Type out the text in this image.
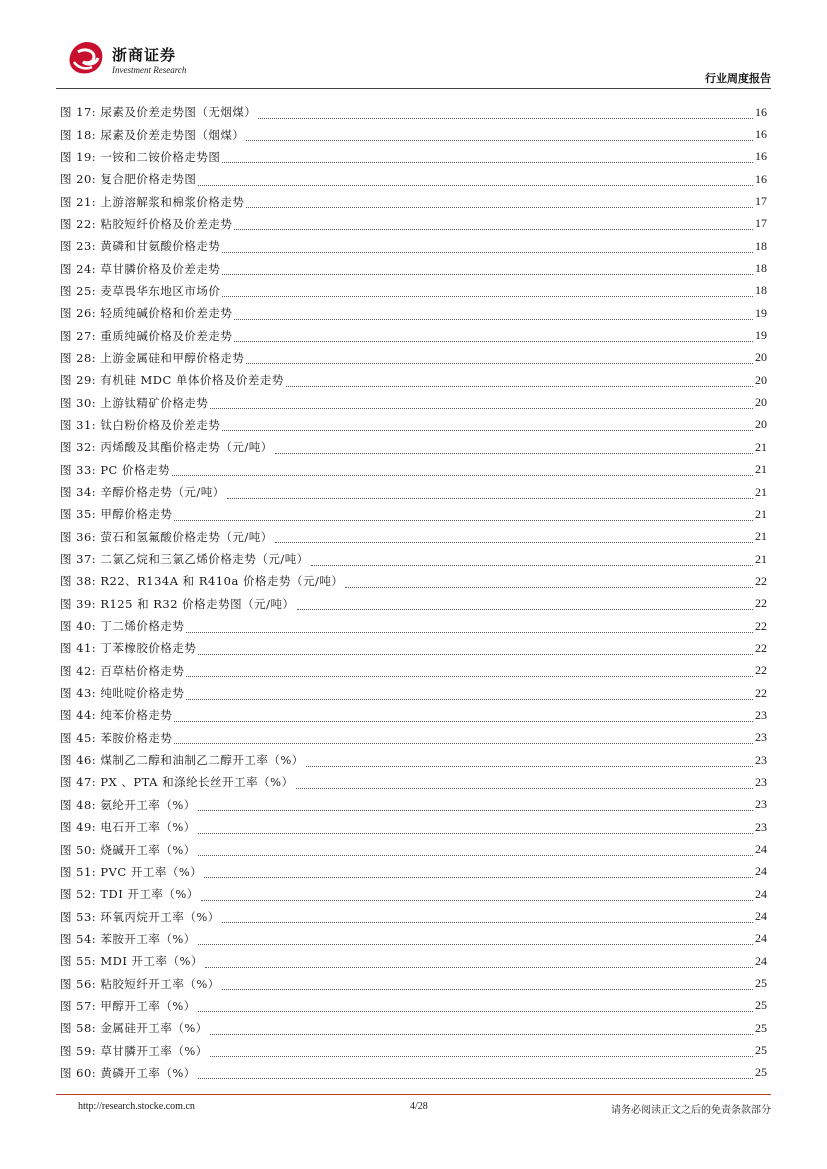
浙商证券
Investment Research
行业周度报告
图 17: 尿素及价差走势图（无烟煤）	16
图 18: 尿素及价差走势图（烟煤）	16
图 19: 一铵和二铵价格走势图	16
图 20: 复合肥价格走势图	16
图 21: 上游溶解浆和棉浆价格走势	17
图 22: 粘胶短纤价格及价差走势	17
图 23: 黄磷和甘氨酸价格走势	18
图 24: 草甘膦价格及价差走势	18
图 25: 麦草畏华东地区市场价	18
图 26: 轻质纯碱价格和价差走势	19
图 27: 重质纯碱价格及价差走势	19
图 28: 上游金属硅和甲醇价格走势	20
图 29: 有机硅 MDC 单体价格及价差走势	20
图 30: 上游钛精矿价格走势	20
图 31: 钛白粉价格及价差走势	20
图 32: 丙烯酸及其酯价格走势（元/吨）	21
图 33: PC 价格走势	21
图 34: 辛醇价格走势（元/吨）	21
图 35: 甲醇价格走势	21
图 36: 萤石和氢氟酸价格走势（元/吨）	21
图 37: 二氯乙烷和三氯乙烯价格走势（元/吨）	21
图 38: R22、R134A 和 R410a 价格走势（元/吨）	22
图 39: R125 和 R32 价格走势图（元/吨）	22
图 40: 丁二烯价格走势	22
图 41: 丁苯橡胶价格走势	22
图 42: 百草枯价格走势	22
图 43: 纯吡啶价格走势	22
图 44: 纯苯价格走势	23
图 45: 苯胺价格走势	23
图 46: 煤制乙二醇和油制乙二醇开工率（%）	23
图 47: PX 、PTA 和涤纶长丝开工率（%）	23
图 48: 氨纶开工率（%）	23
图 49: 电石开工率（%）	23
图 50: 烧碱开工率（%）	24
图 51: PVC 开工率（%）	24
图 52: TDI 开工率（%）	24
图 53: 环氧丙烷开工率（%）	24
图 54: 苯胺开工率（%）	24
图 55: MDI 开工率（%）	24
图 56: 粘胶短纤开工率（%）	25
图 57: 甲醇开工率（%）	25
图 58: 金属硅开工率（%）	25
图 59: 草甘膦开工率（%）	25
图 60: 黄磷开工率（%）	25
http://research.stocke.com.cn	4/28	请务必阅读正文之后的免责条款部分
